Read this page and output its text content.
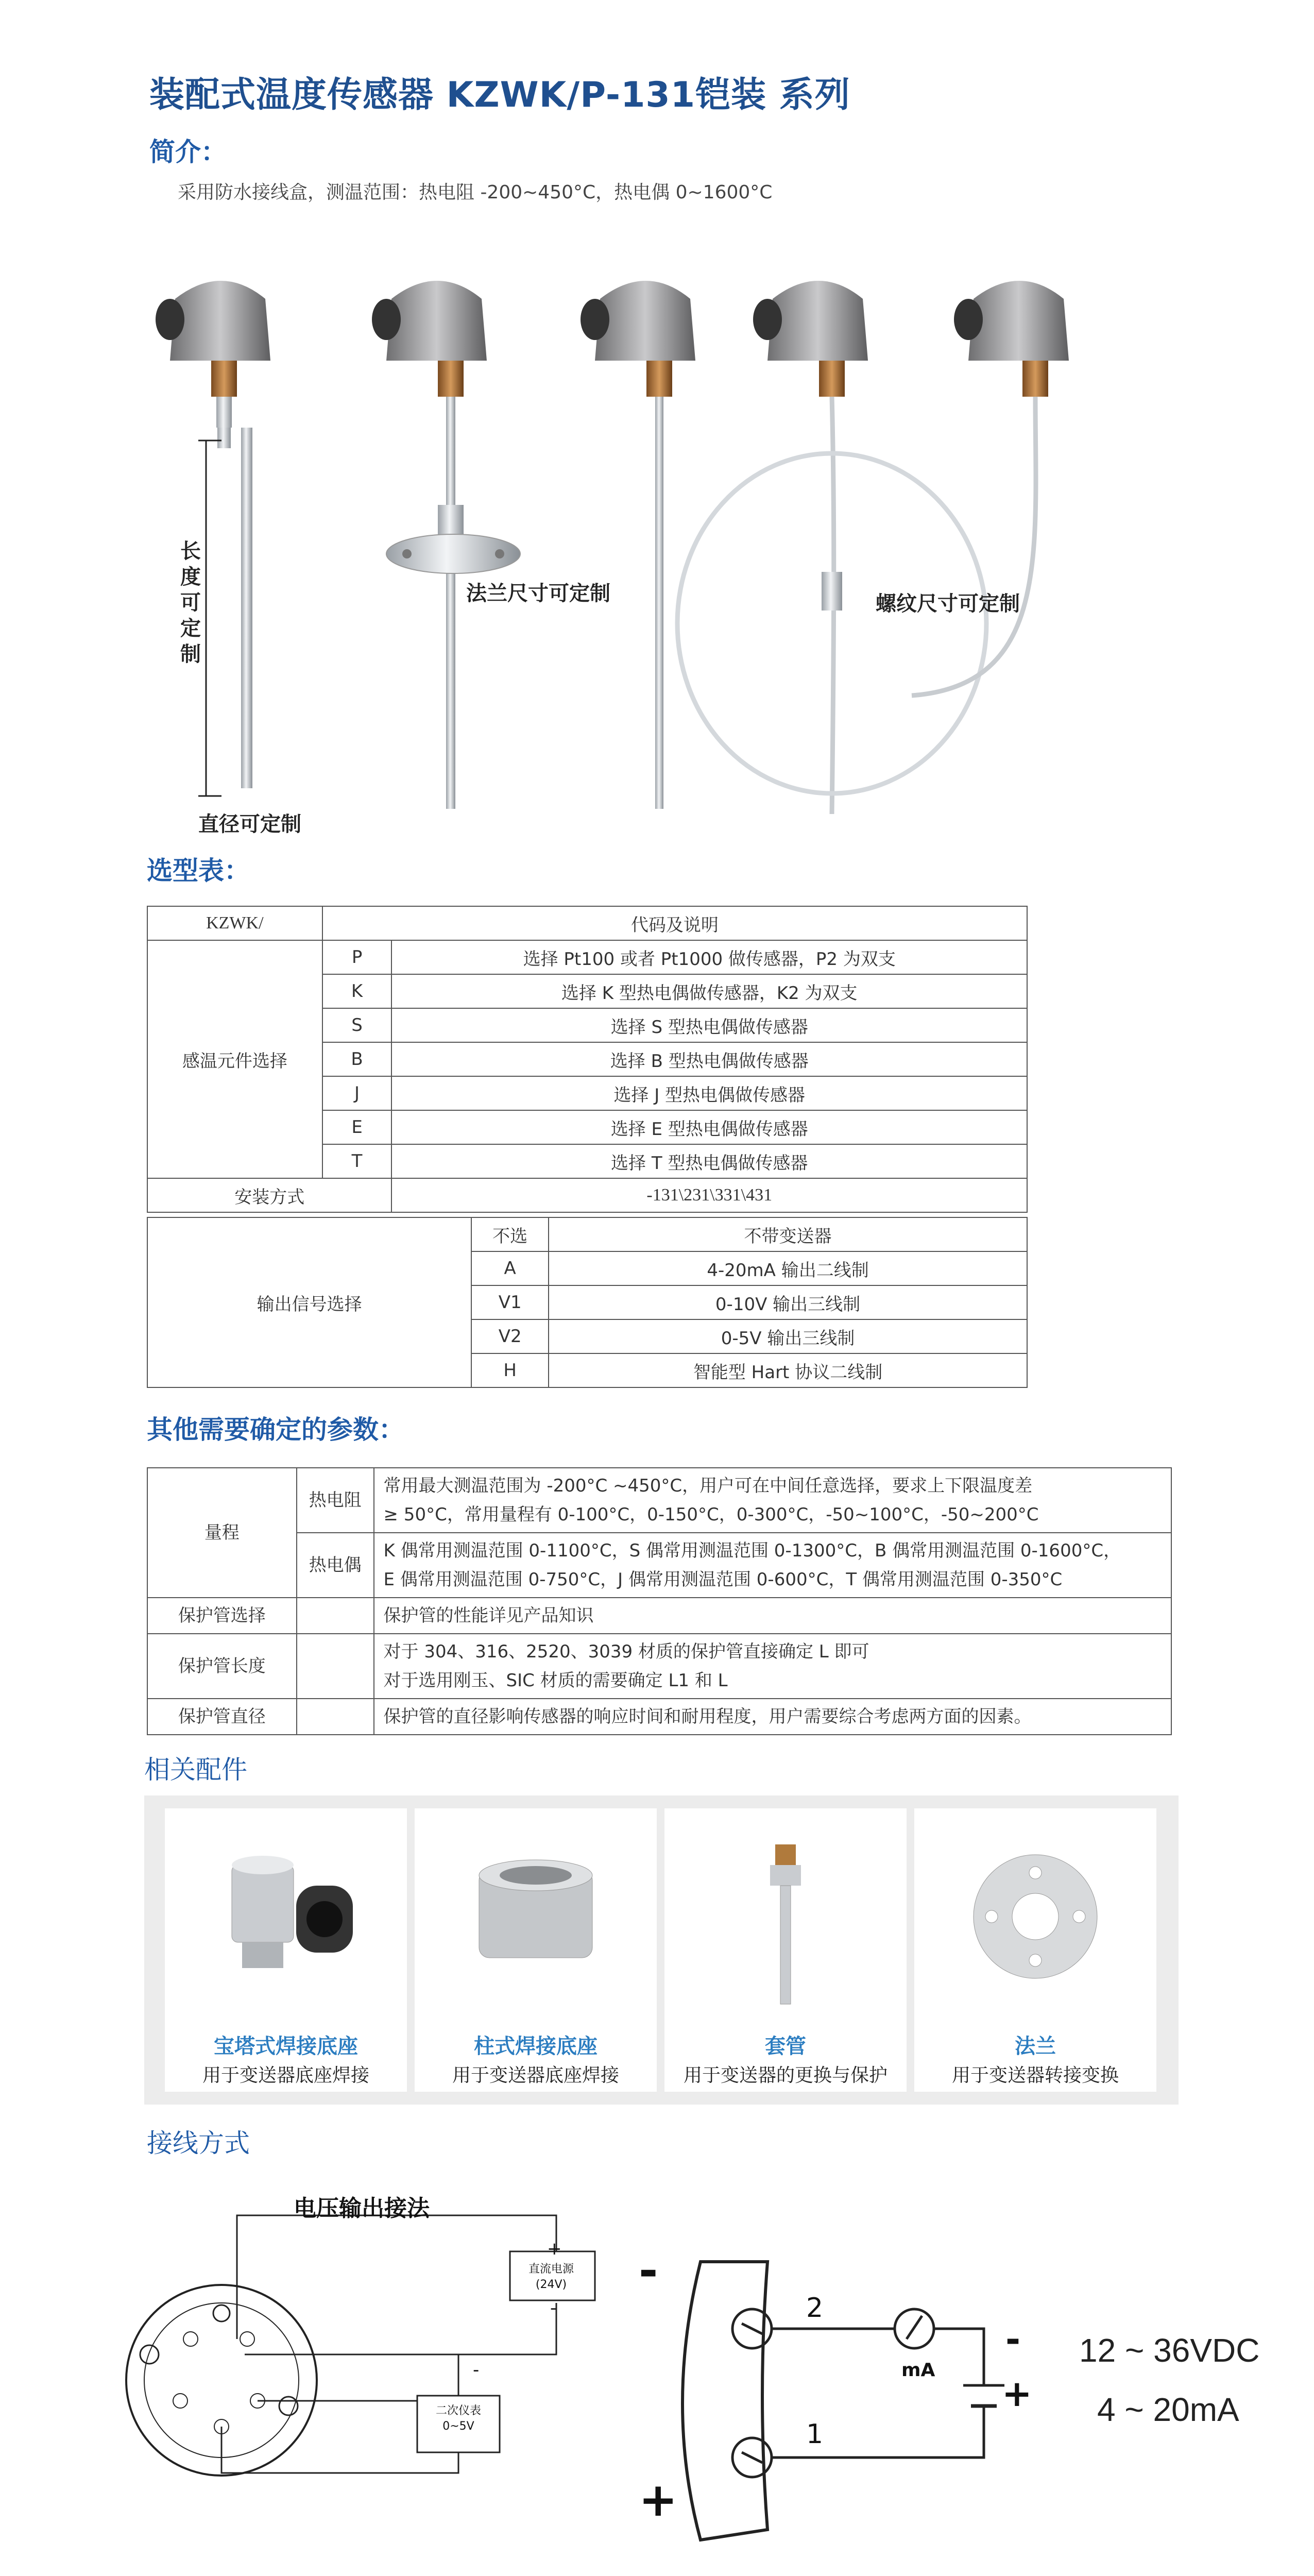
装配式温度传感器 KZWK/P-131铠装 系列
简介：
采用防水接线盒，测温范围：热电阻 -200~450°C，热电偶 0~1600°C
长
度
可
定
制
直径可定制
法兰尺寸可定制	螺纹尺寸可定制
选型表：
KZWK/	代码及说明	
感温元件选择	P	选择 Pt100 或者 Pt1000 做传感器，P2 为双支
	K	选择 K 型热电偶做传感器，K2 为双支
	S	选择 S 型热电偶做传感器
	B	选择 B 型热电偶做传感器
	J	选择 J 型热电偶做传感器
	E	选择 E 型热电偶做传感器
	T	选择 T 型热电偶做传感器
安装方式		-131\231\331\431
输出信号选择	不选	不带变送器
	A	4-20mA 输出二线制
	V1	0-10V 输出三线制
	V2	0-5V 输出三线制
	H	智能型 Hart 协议二线制
其他需要确定的参数：
量程	热电阻	常用最大测温范围为 -200°C ~450°C，用户可在中间任意选择，要求上下限温度差
≥ 50°C，常用量程有 0-100°C，0-150°C，0-300°C，-50~100°C，-50~200°C

	热电偶	K 偶常用测温范围 0-1100°C，S 偶常用测温范围 0-1300°C，B 偶常用测温范围 0-1600°C，
E 偶常用测温范围 0-750°C，J 偶常用测温范围 0-600°C，T 偶常用测温范围 0-350°C

保护管选择		保护管的性能详见产品知识
保护管长度		对于 304、316、2520、3039 材质的保护管直接确定 L 即可
对于选用刚玉、SIC 材质的需要确定 L1 和 L

保护管直径		保护管的直径影响传感器的响应时间和耐用程度，用户需要综合考虑两方面的因素。
相关配件
宝塔式焊接底座
用于变送器底座焊接
柱式焊接底座
用于变送器底座焊接
套管
用于变送器的更换与保护
法兰
用于变送器转接变换
接线方式
电压输出接法
直流电源
(24V)
二次仪表
0~5V
+
-
-
-
+
2
1
mA
-
+
12 ~ 36VDC
4 ~ 20mA
